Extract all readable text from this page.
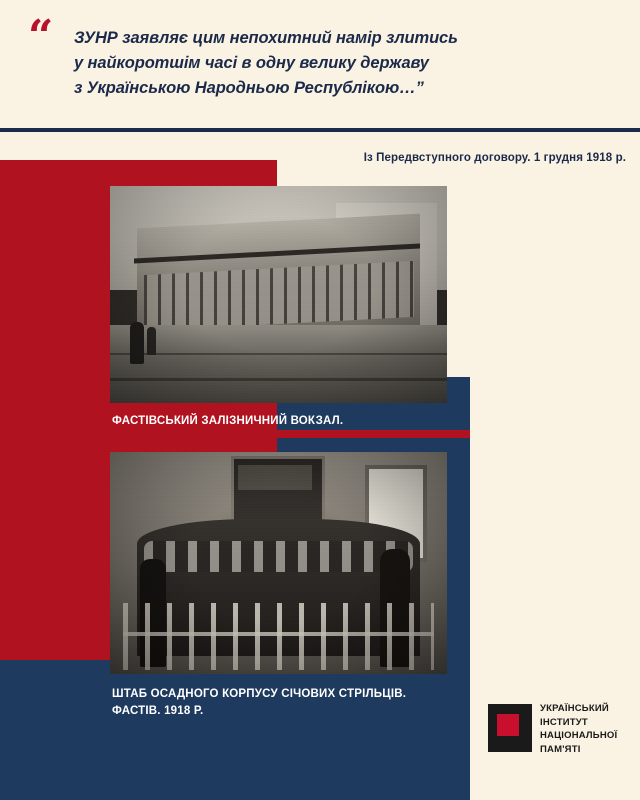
“ ЗУНР заявляє цим непохитний намір злитись
у найкоротшім часі в одну велику державу
з Українською Народньою Республікою…”
Із Передвступного договору. 1 грудня 1918 р.
ФАСТІВСЬКИЙ ЗАЛІЗНИЧНИЙ ВОКЗАЛ.
ШТАБ ОСАДНОГО КОРПУСУ СІЧОВИХ СТРІЛЬЦІВ.
ФАСТІВ. 1918 Р.	УКРАЇНСЬКИЙ
ІНСТИТУТ
НАЦІОНАЛЬНОЇ
ПАМ'ЯТІ
